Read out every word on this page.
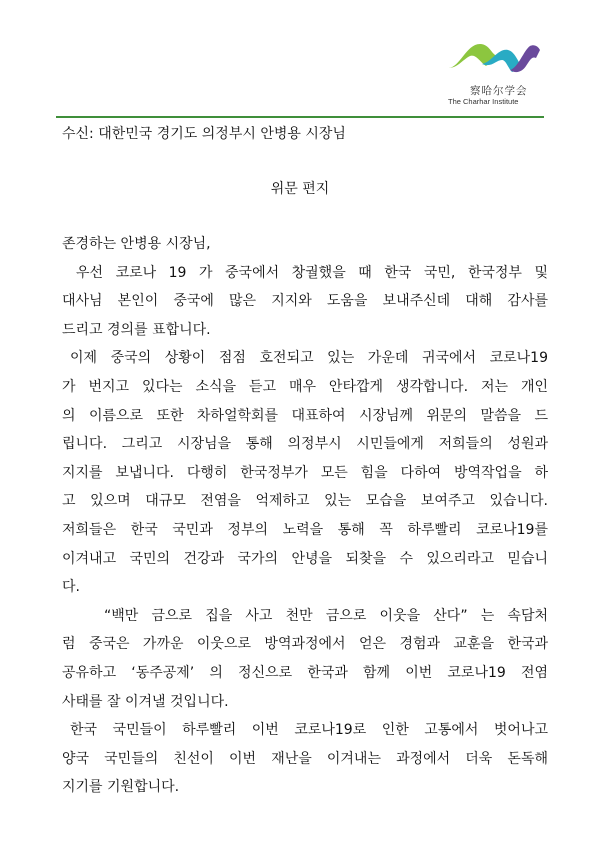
察哈尔学会
The Charhar Institute
수신: 대한민국 경기도 의정부시 안병용 시장님
위문 편지
존경하는 안병용 시장님,
우선 코로나 19 가 중국에서 창궐했을 때 한국 국민, 한국정부 및
대사님 본인이 중국에 많은 지지와 도움을 보내주신데 대해 감사를
드리고 경의를 표합니다.
이제 중국의 상황이 점점 호전되고 있는 가운데 귀국에서 코로나19
가 번지고 있다는 소식을 듣고 매우 안타깝게 생각합니다. 저는 개인
의 이름으로 또한 차하얼학회를 대표하여 시장님께 위문의 말씀을 드
립니다. 그리고 시장님을 통해 의정부시 시민들에게 저희들의 성원과
지지를 보냅니다. 다행히 한국정부가 모든 힘을 다하여 방역작업을 하
고 있으며 대규모 전염을 억제하고 있는 모습을 보여주고 있습니다.
저희들은 한국 국민과 정부의 노력을 통해 꼭 하루빨리 코로나19를
이겨내고 국민의 건강과 국가의 안녕을 되찾을 수 있으리라고 믿습니
다.
“백만 금으로 집을 사고 천만 금으로 이웃을 산다” 는 속담처
럼 중국은 가까운 이웃으로 방역과정에서 얻은 경험과 교훈을 한국과
공유하고 ‘동주공제’ 의 정신으로 한국과 함께 이번 코로나19 전염
사태를 잘 이겨낼 것입니다.
한국 국민들이 하루빨리 이번 코로나19로 인한 고통에서 벗어나고
양국 국민들의 친선이 이번 재난을 이겨내는 과정에서 더욱 돈독해
지기를 기원합니다.
